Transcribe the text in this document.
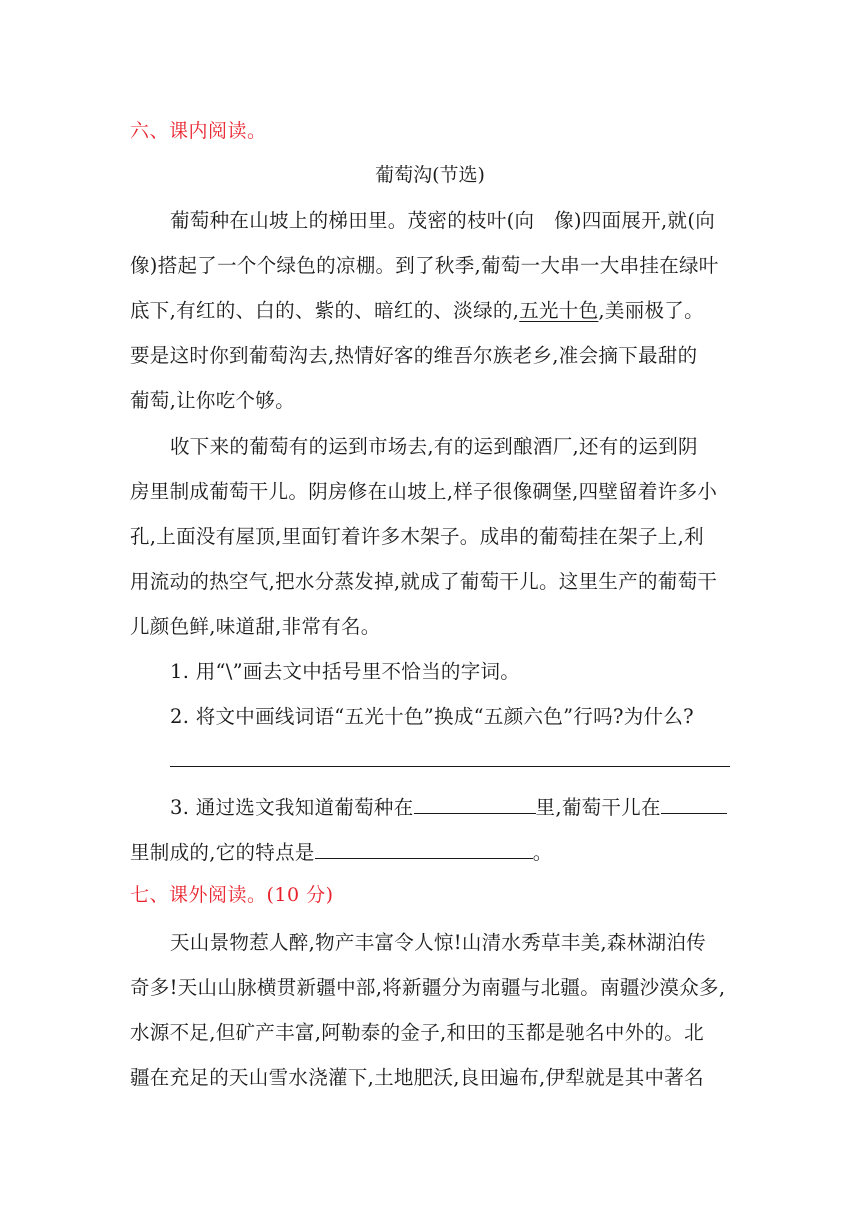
六、课内阅读。
葡萄沟(节选)
葡萄种在山坡上的梯田里。茂密的枝叶(向　像)四面展开,就(向
像)搭起了一个个绿色的凉棚。到了秋季,葡萄一大串一大串挂在绿叶
底下,有红的、白的、紫的、暗红的、淡绿的,五光十色,美丽极了。
要是这时你到葡萄沟去,热情好客的维吾尔族老乡,准会摘下最甜的
葡萄,让你吃个够。
收下来的葡萄有的运到市场去,有的运到酿酒厂,还有的运到阴
房里制成葡萄干儿。阴房修在山坡上,样子很像碉堡,四壁留着许多小
孔,上面没有屋顶,里面钉着许多木架子。成串的葡萄挂在架子上,利
用流动的热空气,把水分蒸发掉,就成了葡萄干儿。这里生产的葡萄干
儿颜色鲜,味道甜,非常有名。
1. 用“\”画去文中括号里不恰当的字词。
2. 将文中画线词语“五光十色”换成“五颜六色”行吗?为什么?
3. 通过选文我知道葡萄种在	里,葡萄干儿在
里制成的,它的特点是	。
七、课外阅读。(10 分)
天山景物惹人醉,物产丰富令人惊!山清水秀草丰美,森林湖泊传
奇多!天山山脉横贯新疆中部,将新疆分为南疆与北疆。南疆沙漠众多,
水源不足,但矿产丰富,阿勒泰的金子,和田的玉都是驰名中外的。北
疆在充足的天山雪水浇灌下,土地肥沃,良田遍布,伊犁就是其中著名
